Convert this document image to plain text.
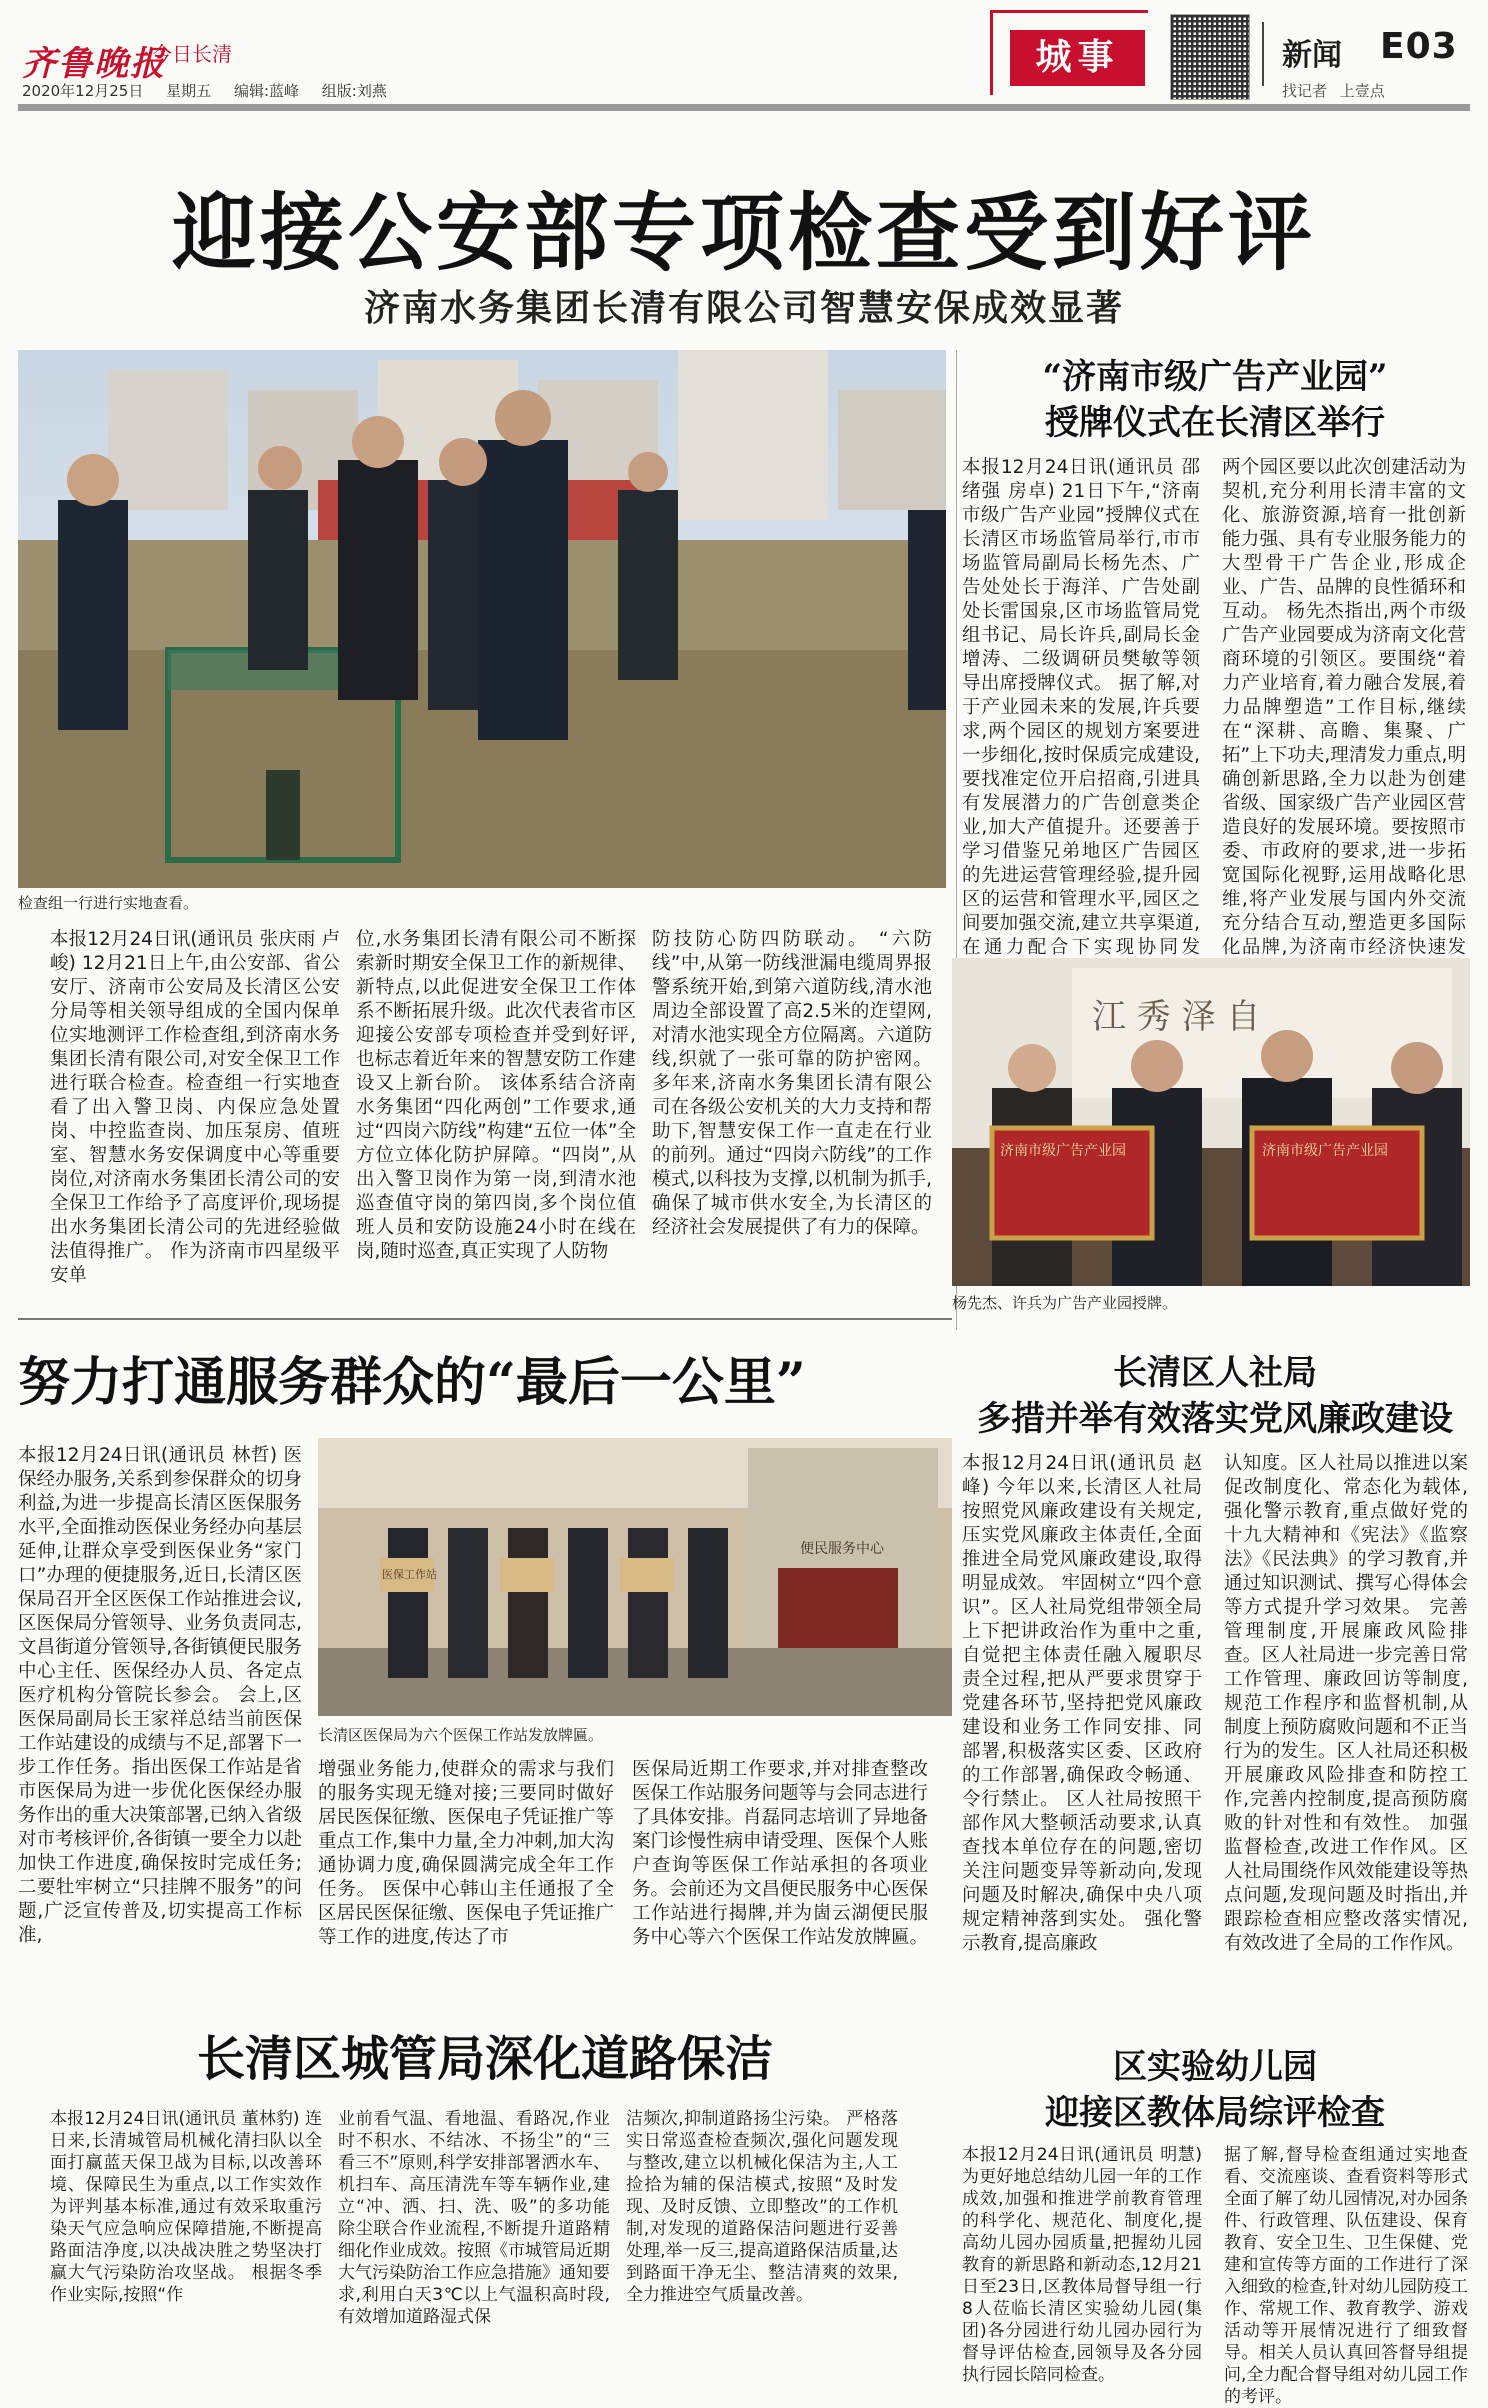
齐鲁晚报
今日长清
2020年12月25日 星期五 编辑:蓝峰 组版:刘燕
城事	新闻 E03
找记者 上壹点
迎接公安部专项检查受到好评
济南水务集团长清有限公司智慧安保成效显著
检查组一行进行实地查看。
本报12月24日讯(通讯员 张庆雨 卢峻) 12月21日上午,由公安部、省公安厅、济南市公安局及长清区公安分局等相关领导组成的全国内保单位实地测评工作检查组,到济南水务集团长清有限公司,对安全保卫工作进行联合检查。检查组一行实地查看了出入警卫岗、内保应急处置岗、中控监查岗、加压泵房、值班室、智慧水务安保调度中心等重要岗位,对济南水务集团长清公司的安全保卫工作给予了高度评价,现场提出水务集团长清公司的先进经验做法值得推广。 作为济南市四星级平安单
位,水务集团长清有限公司不断探索新时期安全保卫工作的新规律、新特点,以此促进安全保卫工作体系不断拓展升级。此次代表省市区迎接公安部专项检查并受到好评,也标志着近年来的智慧安防工作建设又上新台阶。 该体系结合济南水务集团“四化两创”工作要求,通过“四岗六防线”构建“五位一体”全方位立体化防护屏障。“四岗”,从出入警卫岗作为第一岗,到清水池巡查值守岗的第四岗,多个岗位值班人员和安防设施24小时在线在岗,随时巡查,真正实现了人防物
防技防心防四防联动。 “六防线”中,从第一防线泄漏电缆周界报警系统开始,到第六道防线,清水池周边全部设置了高2.5米的迮望网,对清水池实现全方位隔离。六道防线,织就了一张可靠的防护密网。 多年来,济南水务集团长清有限公司在各级公安机关的大力支持和帮助下,智慧安保工作一直走在行业的前列。通过“四岗六防线”的工作模式,以科技为支撑,以机制为抓手,确保了城市供水安全,为长清区的经济社会发展提供了有力的保障。
“济南市级广告产业园”
授牌仪式在长清区举行
本报12月24日讯(通讯员 邵绪强 房卓) 21日下午,“济南市级广告产业园”授牌仪式在长清区市场监管局举行,市市场监管局副局长杨先杰、广告处处长于海洋、广告处副处长雷国泉,区市场监管局党组书记、局长许兵,副局长金增涛、二级调研员樊敏等领导出席授牌仪式。 据了解,对于产业园未来的发展,许兵要求,两个园区的规划方案要进一步细化,按时保质完成建设,要找准定位开启招商,引进具有发展潜力的广告创意类企业,加大产值提升。还要善于学习借鉴兄弟地区广告园区的先进运营管理经验,提升园区的运营和管理水平,园区之间要加强交流,建立共享渠道,在通力配合下实现协同发
两个园区要以此次创建活动为契机,充分利用长清丰富的文化、旅游资源,培育一批创新能力强、具有专业服务能力的大型骨干广告企业,形成企业、广告、品牌的良性循环和互动。 杨先杰指出,两个市级广告产业园要成为济南文化营商环境的引领区。要围绕“着力产业培育,着力融合发展,着力品牌塑造”工作目标,继续在“深耕、高瞻、集聚、广拓”上下功夫,理清发力重点,明确创新思路,全力以赴为创建省级、国家级广告产业园区营造良好的发展环境。要按照市委、市政府的要求,进一步拓宽国际化视野,运用战略化思维,将产业发展与国内外交流充分结合互动,塑造更多国际化品牌,为济南市经济快速发
江 秀 泽 自
济南市级广告产业园	济南市级广告产业园
杨先杰、许兵为广告产业园授牌。
努力打通服务群众的“最后一公里”
便民服务中心
医保工作站
长清区医保局为六个医保工作站发放牌匾。
本报12月24日讯(通讯员 林哲) 医保经办服务,关系到参保群众的切身利益,为进一步提高长清区医保服务水平,全面推动医保业务经办向基层延伸,让群众享受到医保业务“家门口”办理的便捷服务,近日,长清区医保局召开全区医保工作站推进会议,区医保局分管领导、业务负责同志,文昌街道分管领导,各街镇便民服务中心主任、医保经办人员、各定点医疗机构分管院长参会。 会上,区医保局副局长王家祥总结当前医保工作站建设的成绩与不足,部署下一步工作任务。指出医保工作站是省市医保局为进一步优化医保经办服务作出的重大决策部署,已纳入省级对市考核评价,各街镇一要全力以赴加快工作进度,确保按时完成任务;二要牡牢树立“只挂牌不服务”的问题,广泛宣传普及,切实提高工作标准,
增强业务能力,使群众的需求与我们的服务实现无缝对接;三要同时做好居民医保征缴、医保电子凭证推广等重点工作,集中力量,全力冲刺,加大沟通协调力度,确保圆满完成全年工作任务。 医保中心韩山主任通报了全区居民医保征缴、医保电子凭证推广等工作的进度,传达了市
医保局近期工作要求,并对排查整改医保工作站服务问题等与会同志进行了具体安排。肖磊同志培训了异地备案门诊慢性病申请受理、医保个人账户查询等医保工作站承担的各项业务。会前还为文昌便民服务中心医保工作站进行揭牌,并为崮云湖便民服务中心等六个医保工作站发放牌匾。
长清区人社局
多措并举有效落实党风廉政建设
本报12月24日讯(通讯员 赵峰) 今年以来,长清区人社局按照党风廉政建设有关规定,压实党风廉政主体责任,全面推进全局党风廉政建设,取得明显成效。 牢固树立“四个意识”。区人社局党组带领全局上下把讲政治作为重中之重,自觉把主体责任融入履职尽责全过程,把从严要求贯穿于党建各环节,坚持把党风廉政建设和业务工作同安排、同部署,积极落实区委、区政府的工作部署,确保政令畅通、令行禁止。 区人社局按照干部作风大整顿活动要求,认真查找本单位存在的问题,密切关注问题变异等新动向,发现问题及时解决,确保中央八项规定精神落到实处。 强化警示教育,提高廉政
认知度。区人社局以推进以案促改制度化、常态化为载体,强化警示教育,重点做好党的十九大精神和《宪法》《监察法》《民法典》的学习教育,并通过知识测试、撰写心得体会等方式提升学习效果。 完善管理制度,开展廉政风险排查。区人社局进一步完善日常工作管理、廉政回访等制度,规范工作程序和监督机制,从制度上预防腐败问题和不正当行为的发生。区人社局还积极开展廉政风险排查和防控工作,完善内控制度,提高预防腐败的针对性和有效性。 加强监督检查,改进工作作风。区人社局围绕作风效能建设等热点问题,发现问题及时指出,并跟踪检查相应整改落实情况,有效改进了全局的工作作风。
长清区城管局深化道路保洁
本报12月24日讯(通讯员 董林豹) 连日来,长清城管局机械化清扫队以全面打赢蓝天保卫战为目标,以改善环境、保障民生为重点,以工作实效作为评判基本标准,通过有效采取重污染天气应急响应保障措施,不断提高路面洁净度,以决战决胜之势坚决打赢大气污染防治攻坚战。 根据冬季作业实际,按照“作
业前看气温、看地温、看路况,作业时不积水、不结冰、不扬尘”的“三看三不”原则,科学安排部署洒水车、机扫车、高压清洗车等车辆作业,建立“冲、洒、扫、洗、吸”的多功能除尘联合作业流程,不断提升道路精细化作业成效。按照《市城管局近期大气污染防治工作应急措施》通知要求,利用白天3℃以上气温积高时段,有效增加道路湿式保
洁频次,抑制道路扬尘污染。 严格落实日常巡查检查频次,强化问题发现与整改,建立以机械化保洁为主,人工捡拾为辅的保洁模式,按照“及时发现、及时反馈、立即整改”的工作机制,对发现的道路保洁问题进行妥善处理,举一反三,提高道路保洁质量,达到路面干净无尘、整洁清爽的效果,全力推进空气质量改善。
区实验幼儿园
迎接区教体局综评检查
本报12月24日讯(通讯员 明慧) 为更好地总结幼儿园一年的工作成效,加强和推进学前教育管理的科学化、规范化、制度化,提高幼儿园办园质量,把握幼儿园教育的新思路和新动态,12月21日至23日,区教体局督导组一行8人莅临长清区实验幼儿园(集团)各分园进行幼儿园办园行为督导评估检查,园领导及各分园执行园长陪同检查。
据了解,督导检查组通过实地查看、交流座谈、查看资料等形式全面了解了幼儿园情况,对办园条件、行政管理、队伍建设、保育教育、安全卫生、卫生保健、党建和宣传等方面的工作进行了深入细致的检查,针对幼儿园防疫工作、常规工作、教育教学、游戏活动等开展情况进行了细致督导。相关人员认真回答督导组提问,全力配合督导组对幼儿园工作的考评。
